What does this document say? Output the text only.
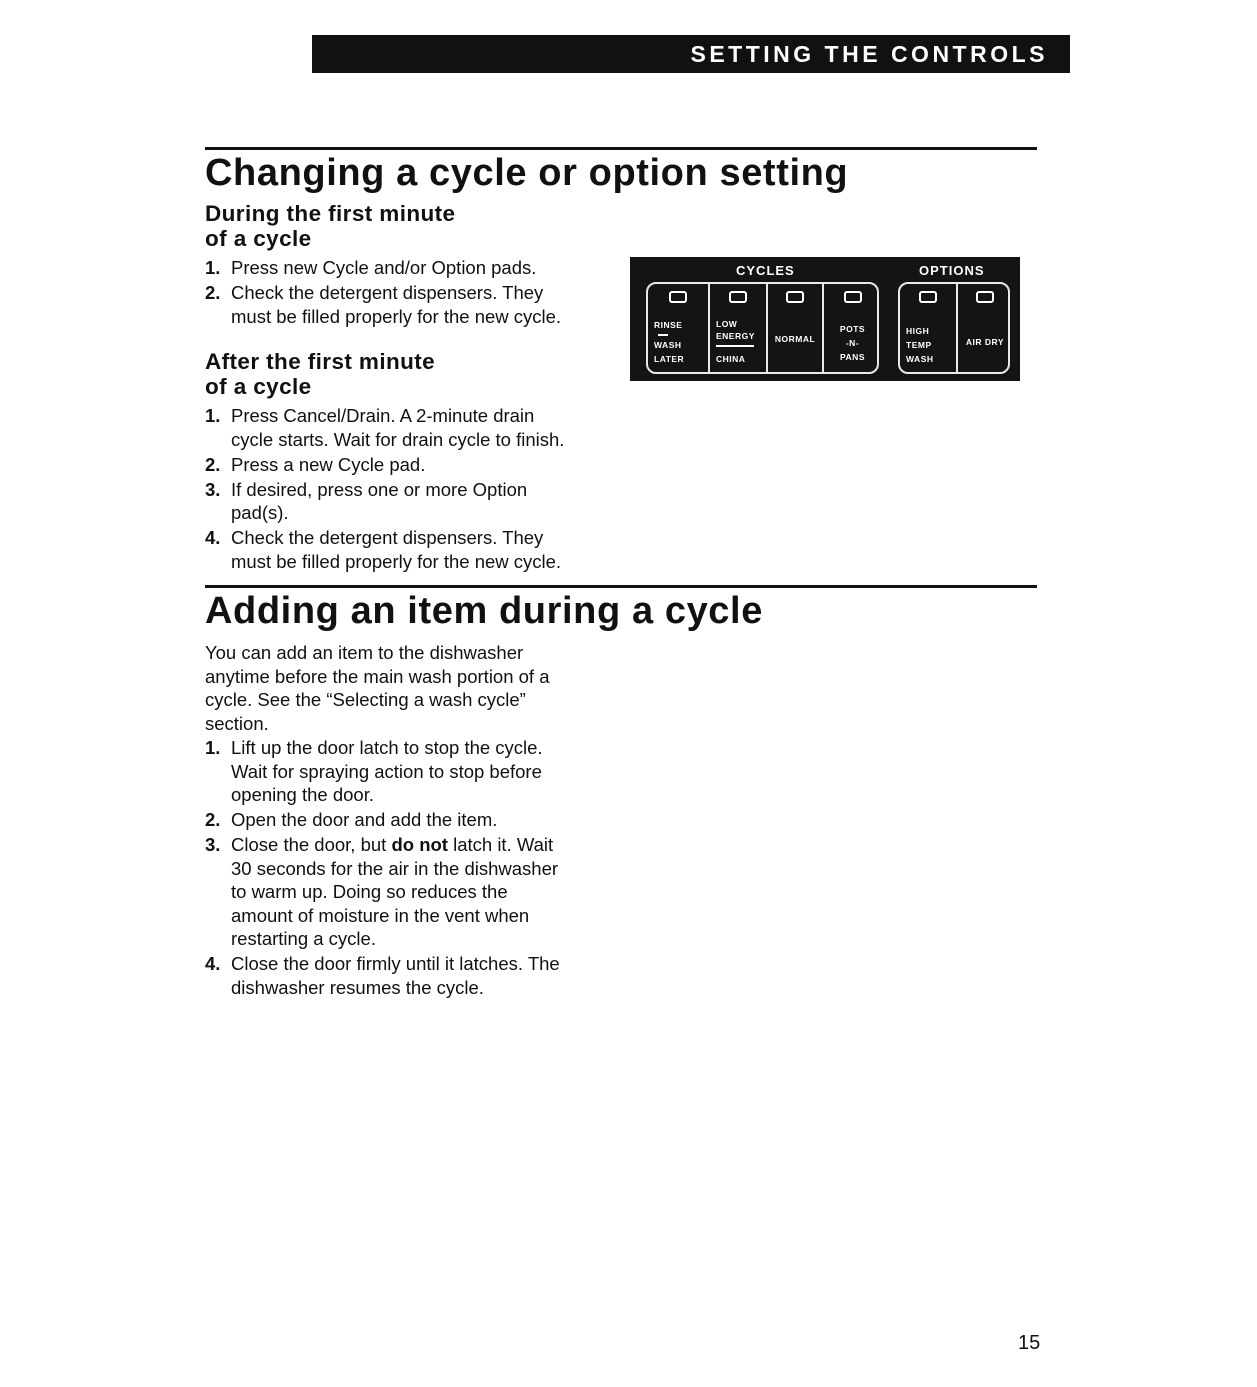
SETTING THE CONTROLS
Changing a cycle or option setting
During the first minute
of a cycle
1. Press new Cycle and/or Option pads.
2. Check the detergent dispensers. They
must be filled properly for the new cycle.
After the first minute
of a cycle
1. Press Cancel/Drain. A 2-minute drain
cycle starts. Wait for drain cycle to finish.
2. Press a new Cycle pad.
3. If desired, press one or more Option
pad(s).
4. Check the detergent dispensers. They
must be filled properly for the new cycle.
CYCLES	OPTIONS
RINSE
WASH
LATER
LOW
ENERGY
CHINA
NORMAL
POTS
-N-
PANS
HIGH
TEMP
WASH
AIR DRY
Adding an item during a cycle
You can add an item to the dishwasher
anytime before the main wash portion of a
cycle. See the “Selecting a wash cycle”
section.
1. Lift up the door latch to stop the cycle.
Wait for spraying action to stop before
opening the door.
2. Open the door and add the item.
3. Close the door, but do not latch it. Wait
30 seconds for the air in the dishwasher
to warm up. Doing so reduces the
amount of moisture in the vent when
restarting a cycle.
4. Close the door firmly until it latches. The
dishwasher resumes the cycle.
15
